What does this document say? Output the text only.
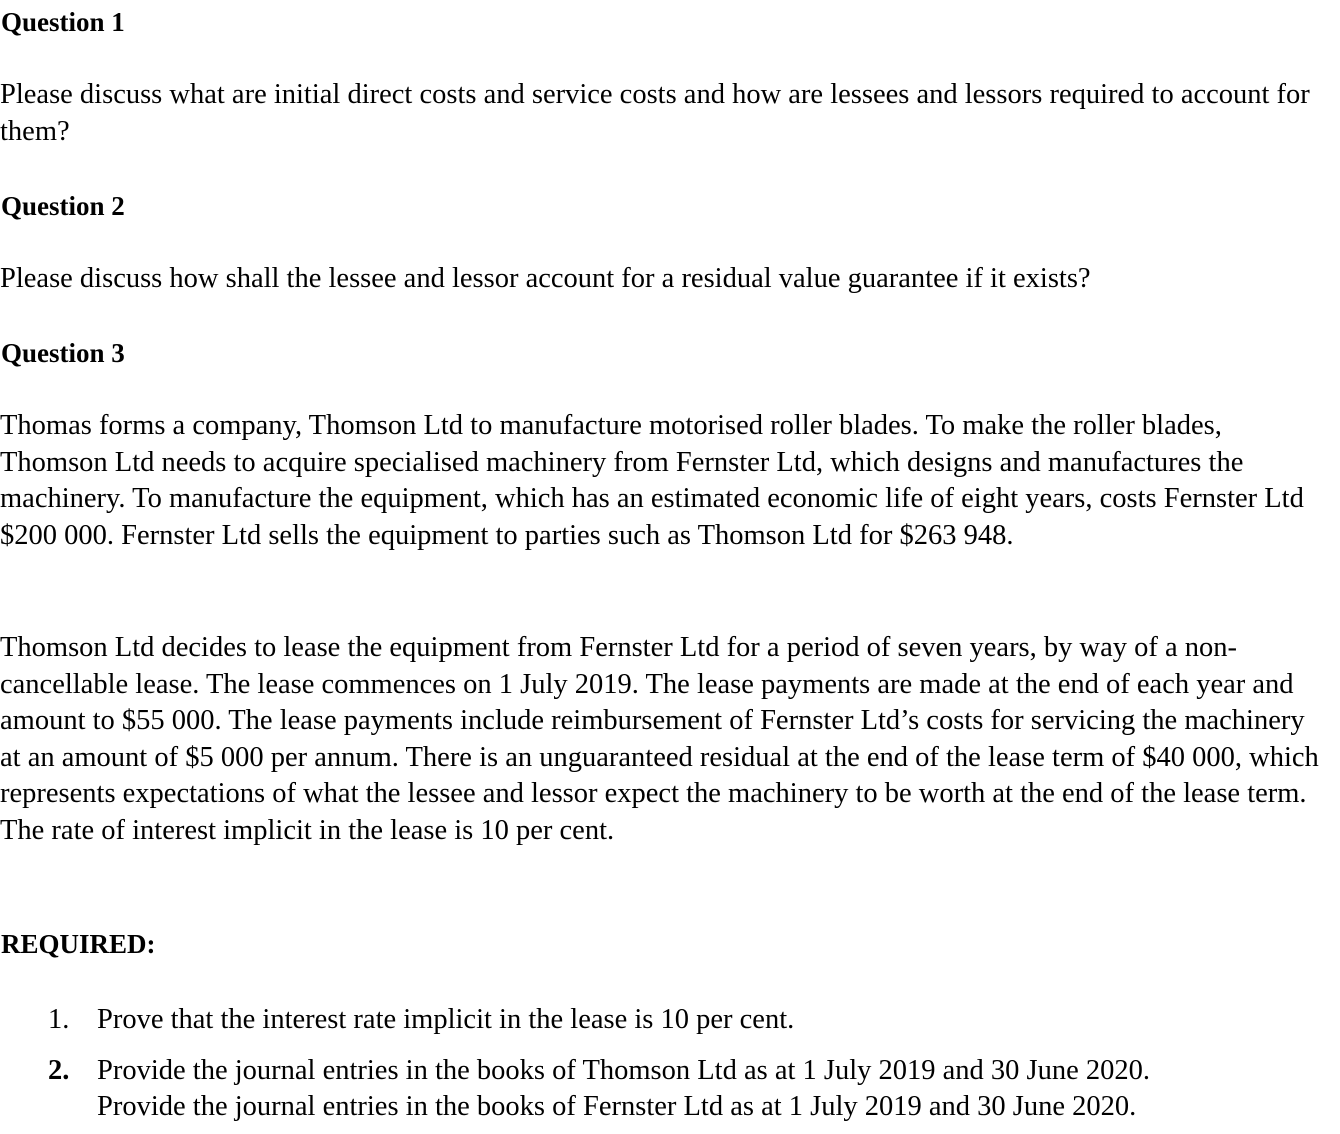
Question 1

Please discuss what are initial direct costs and service costs and how are lessees and lessors required to account for them?

Question 2

Please discuss how shall the lessee and lessor account for a residual value guarantee if it exists?

Question 3

Thomas forms a company, Thomson Ltd to manufacture motorised roller blades. To make the roller blades, Thomson Ltd needs to acquire specialised machinery from Fernster Ltd, which designs and manufactures the machinery. To manufacture the equipment, which has an estimated economic life of eight years, costs Fernster Ltd $200 000. Fernster Ltd sells the equipment to parties such as Thomson Ltd for $263 948.

Thomson Ltd decides to lease the equipment from Fernster Ltd for a period of seven years, by way of a non-cancellable lease. The lease commences on 1 July 2019. The lease payments are made at the end of each year and amount to $55 000. The lease payments include reimbursement of Fernster Ltd’s costs for servicing the machinery at an amount of $5 000 per annum. There is an unguaranteed residual at the end of the lease term of $40 000, which represents expectations of what the lessee and lessor expect the machinery to be worth at the end of the lease term. The rate of interest implicit in the lease is 10 per cent.

REQUIRED:
1. Prove that the interest rate implicit in the lease is 10 per cent.
2. Provide the journal entries in the books of Thomson Ltd as at 1 July 2019 and 30 June 2020.
Provide the journal entries in the books of Fernster Ltd as at 1 July 2019 and 30 June 2020.
